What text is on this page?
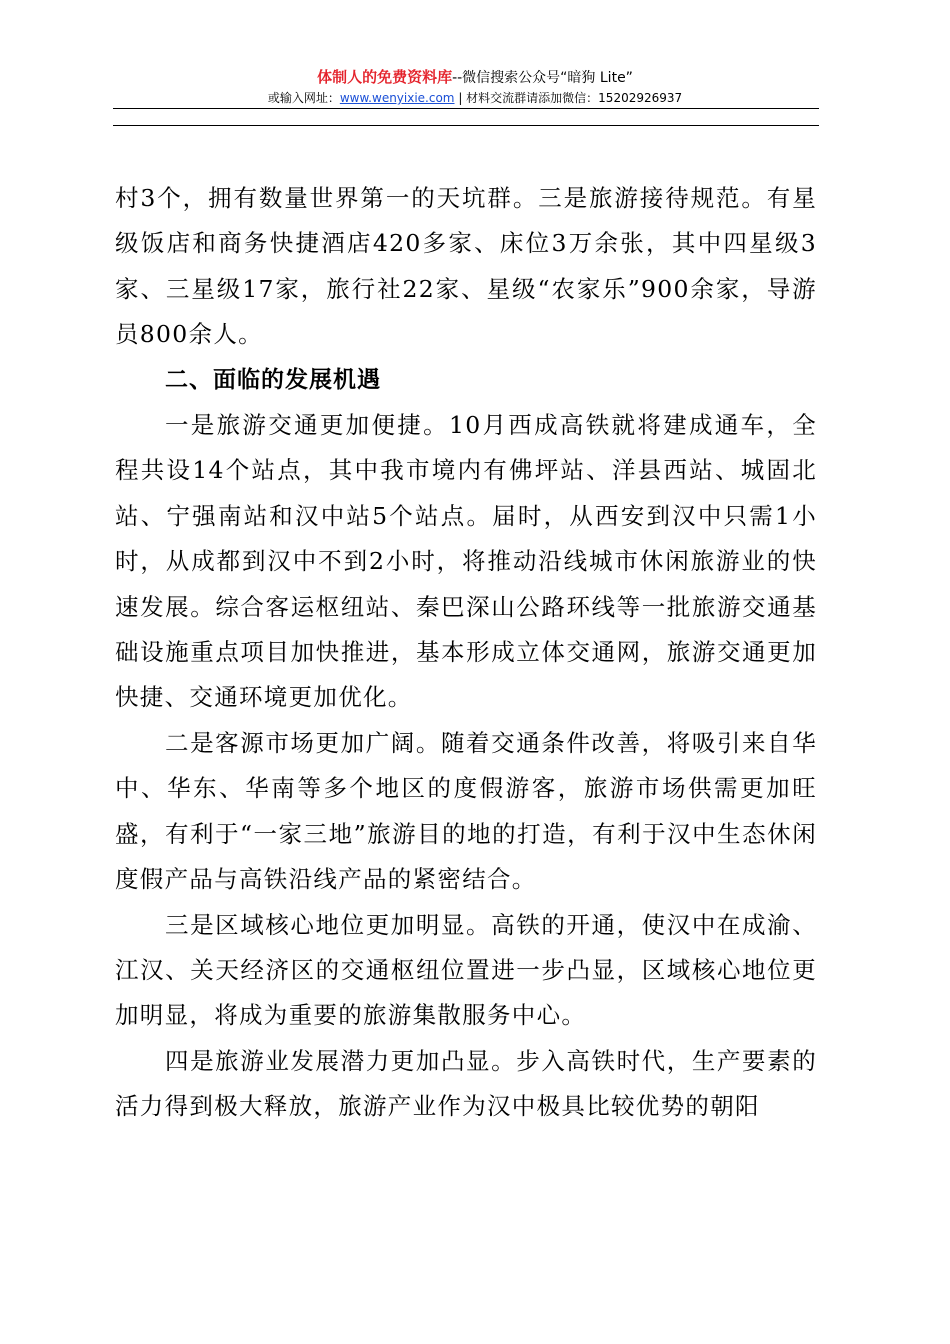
体制人的免费资料库--微信搜索公众号“暗狗 Lite”
或输入网址：www.wenyixie.com | 材料交流群请添加微信：15202926937

村3个，拥有数量世界第一的天坑群。三是旅游接待规范。有星级饭店和商务快捷酒店420多家、床位3万余张，其中四星级3家、三星级17家，旅行社22家、星级“农家乐”900余家，导游员800余人。

二、面临的发展机遇

一是旅游交通更加便捷。10月西成高铁就将建成通车，全程共设14个站点，其中我市境内有佛坪站、洋县西站、城固北站、宁强南站和汉中站5个站点。届时，从西安到汉中只需1小时，从成都到汉中不到2小时，将推动沿线城市休闲旅游业的快速发展。综合客运枢纽站、秦巴深山公路环线等一批旅游交通基础设施重点项目加快推进，基本形成立体交通网，旅游交通更加快捷、交通环境更加优化。

二是客源市场更加广阔。随着交通条件改善，将吸引来自华中、华东、华南等多个地区的度假游客，旅游市场供需更加旺盛，有利于“一家三地”旅游目的地的打造，有利于汉中生态休闲度假产品与高铁沿线产品的紧密结合。

三是区域核心地位更加明显。高铁的开通，使汉中在成渝、江汉、关天经济区的交通枢纽位置进一步凸显，区域核心地位更加明显，将成为重要的旅游集散服务中心。

四是旅游业发展潜力更加凸显。步入高铁时代，生产要素的活力得到极大释放，旅游产业作为汉中极具比较优势的朝阳
